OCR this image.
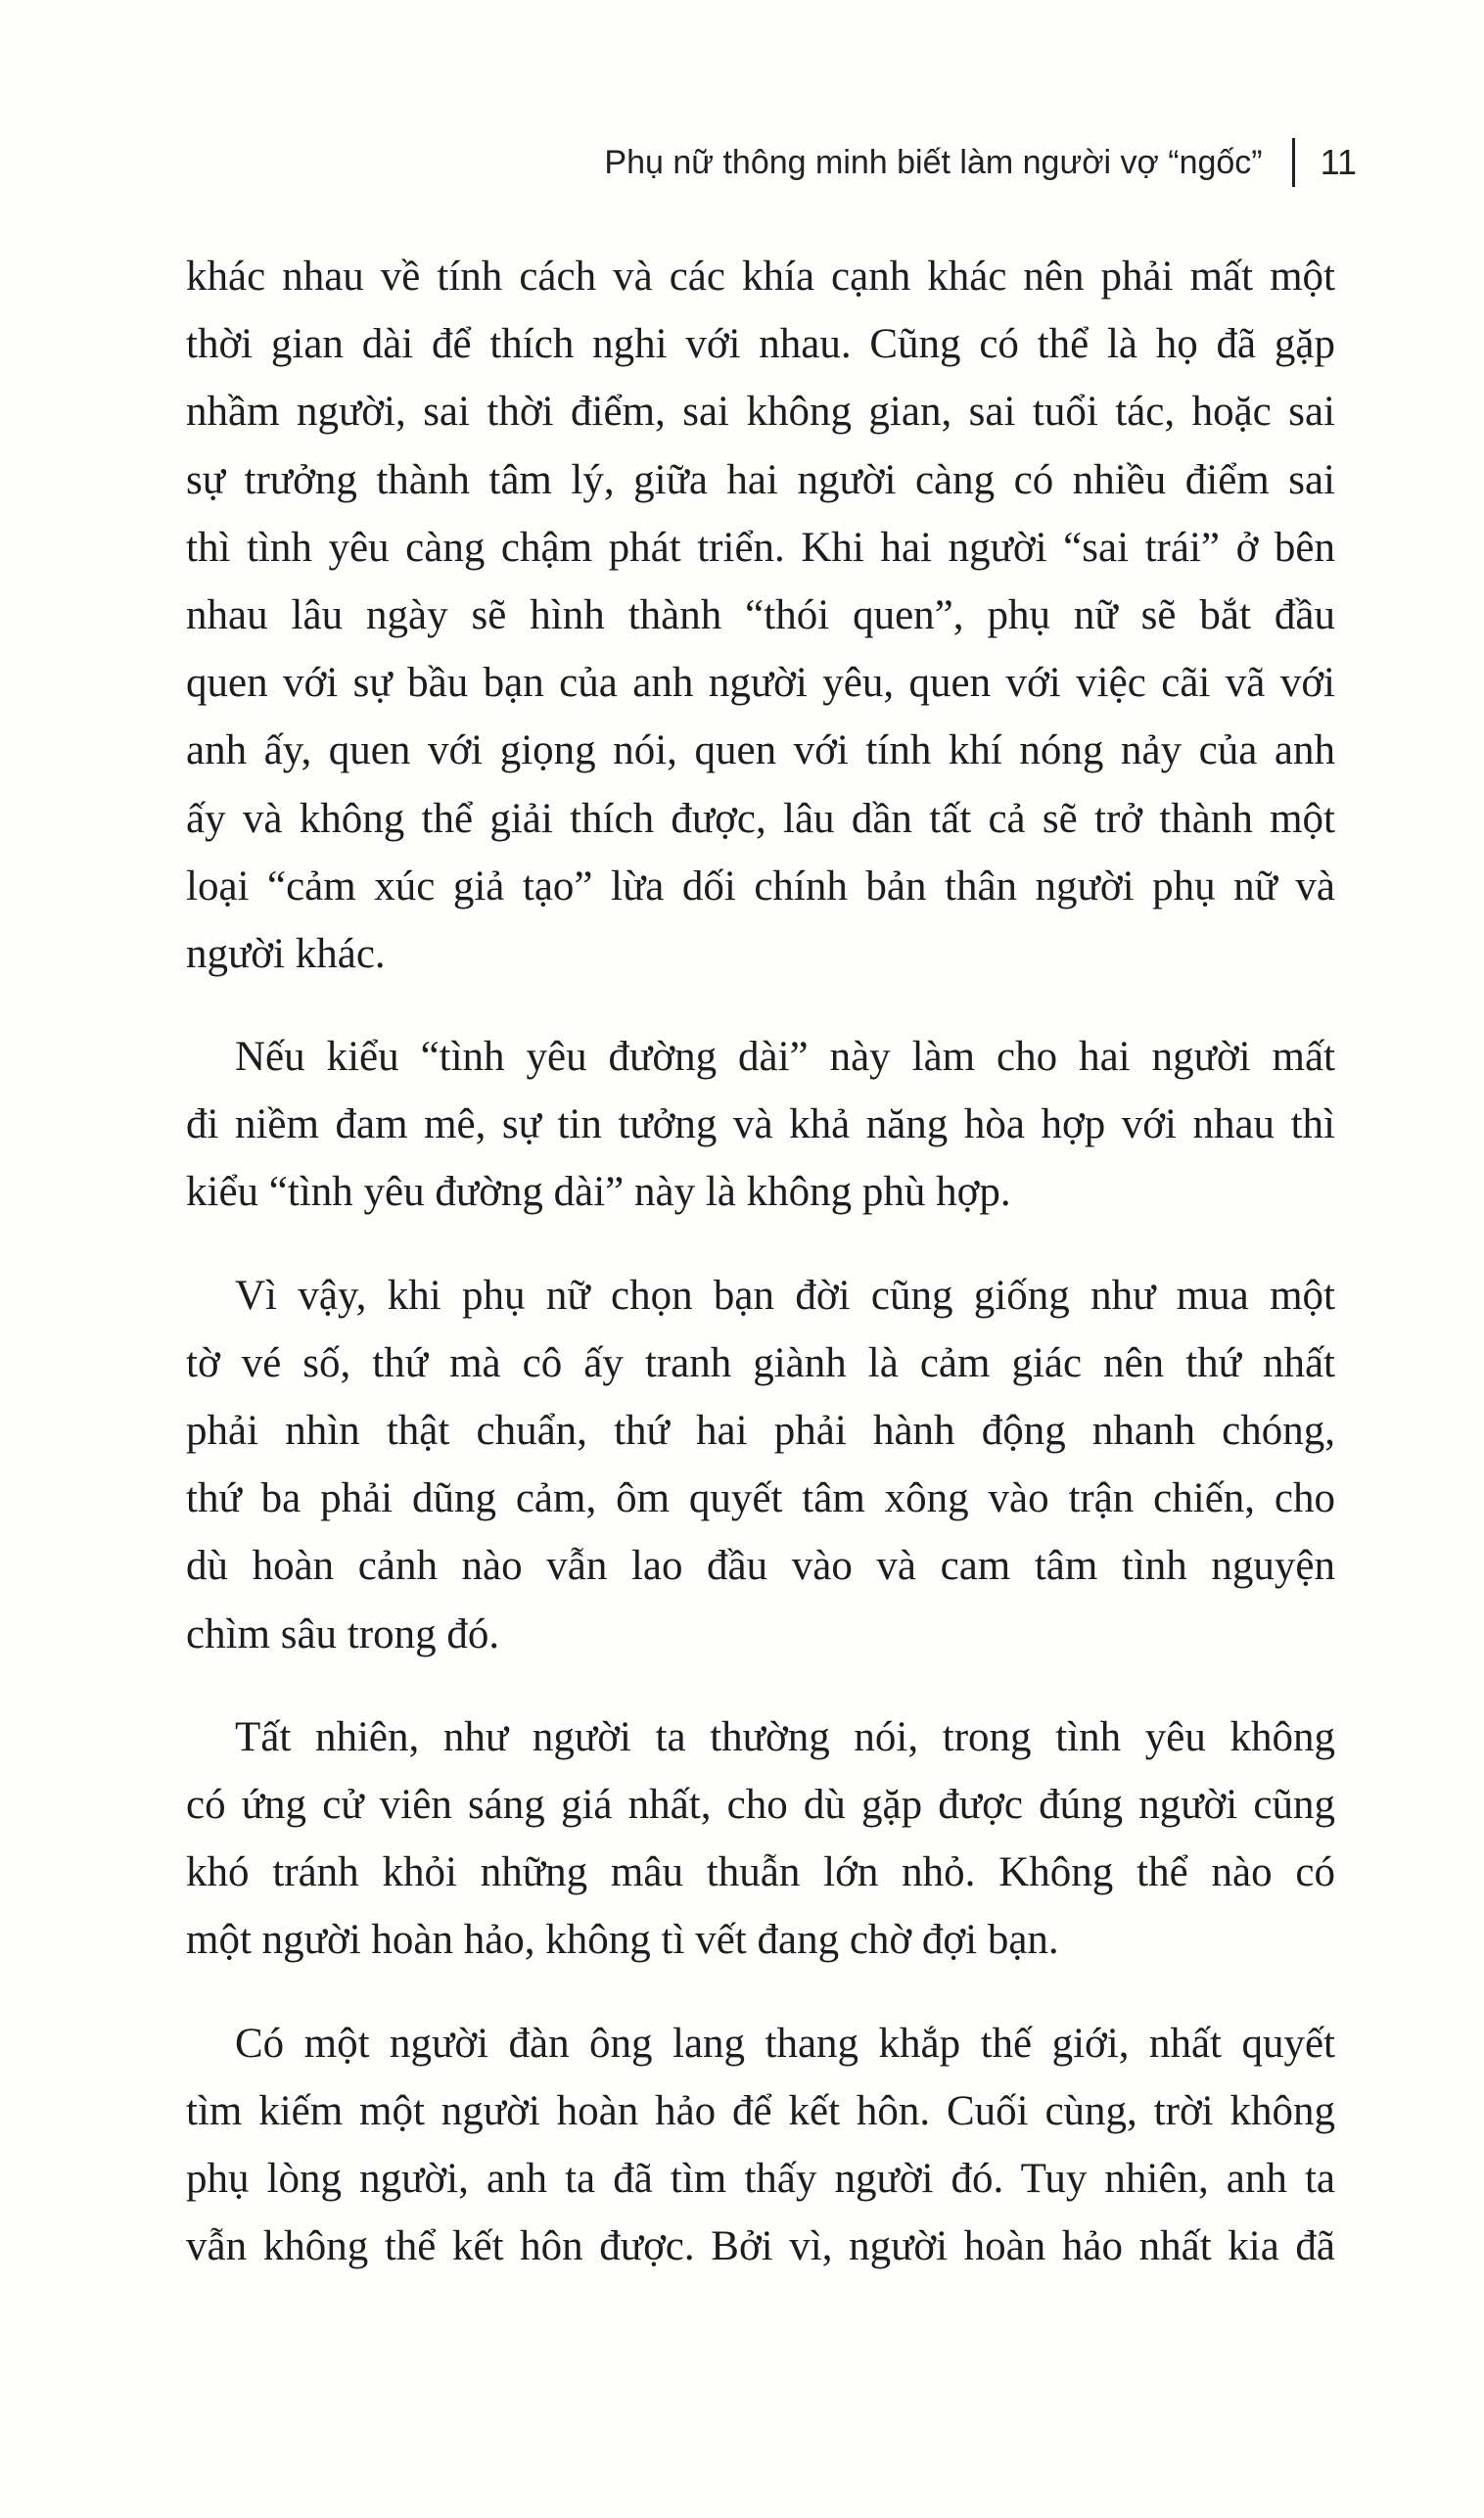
Phụ nữ thông minh biết làm người vợ “ngốc” 11
khác nhau về tính cách và các khía cạnh khác nên phải mất một
thời gian dài để thích nghi với nhau. Cũng có thể là họ đã gặp
nhầm người, sai thời điểm, sai không gian, sai tuổi tác, hoặc sai
sự trưởng thành tâm lý, giữa hai người càng có nhiều điểm sai
thì tình yêu càng chậm phát triển. Khi hai người “sai trái” ở bên
nhau lâu ngày sẽ hình thành “thói quen”, phụ nữ sẽ bắt đầu
quen với sự bầu bạn của anh người yêu, quen với việc cãi vã với
anh ấy, quen với giọng nói, quen với tính khí nóng nảy của anh
ấy và không thể giải thích được, lâu dần tất cả sẽ trở thành một
loại “cảm xúc giả tạo” lừa dối chính bản thân người phụ nữ và
người khác.
Nếu kiểu “tình yêu đường dài” này làm cho hai người mất
đi niềm đam mê, sự tin tưởng và khả năng hòa hợp với nhau thì
kiểu “tình yêu đường dài” này là không phù hợp.
Vì vậy, khi phụ nữ chọn bạn đời cũng giống như mua một
tờ vé số, thứ mà cô ấy tranh giành là cảm giác nên thứ nhất
phải nhìn thật chuẩn, thứ hai phải hành động nhanh chóng,
thứ ba phải dũng cảm, ôm quyết tâm xông vào trận chiến, cho
dù hoàn cảnh nào vẫn lao đầu vào và cam tâm tình nguyện
chìm sâu trong đó.
Tất nhiên, như người ta thường nói, trong tình yêu không
có ứng cử viên sáng giá nhất, cho dù gặp được đúng người cũng
khó tránh khỏi những mâu thuẫn lớn nhỏ. Không thể nào có
một người hoàn hảo, không tì vết đang chờ đợi bạn.
Có một người đàn ông lang thang khắp thế giới, nhất quyết
tìm kiếm một người hoàn hảo để kết hôn. Cuối cùng, trời không
phụ lòng người, anh ta đã tìm thấy người đó. Tuy nhiên, anh ta
vẫn không thể kết hôn được. Bởi vì, người hoàn hảo nhất kia đã
